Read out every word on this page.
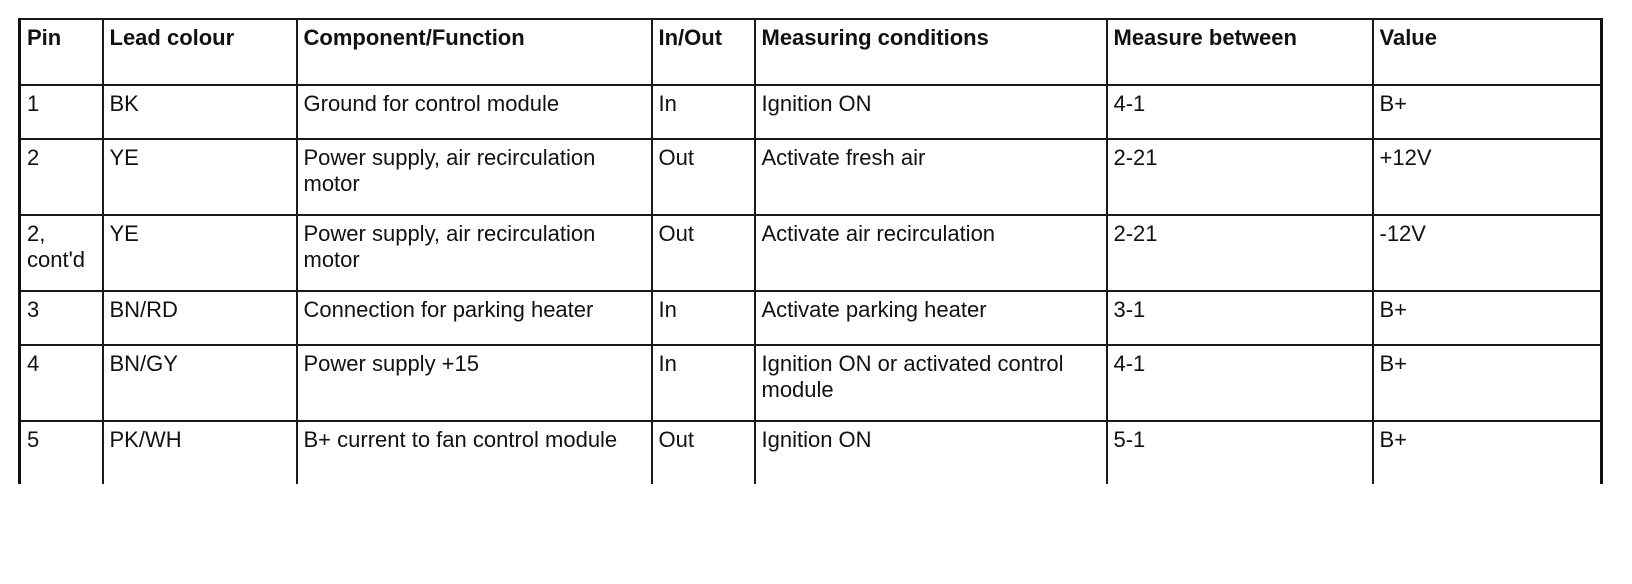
Pin	Lead colour	Component/Function	In/Out	Measuring conditions	Measure between	Value
1	BK	Ground for control module	In	Ignition ON	4-1	B+
2	YE	Power supply, air recirculation motor	Out	Activate fresh air	2-21	+12V
2, cont'd	YE	Power supply, air recirculation motor	Out	Activate air recirculation	2-21	-12V
3	BN/RD	Connection for parking heater	In	Activate parking heater	3-1	B+
4	BN/GY	Power supply +15	In	Ignition ON or activated control module	4-1	B+
5	PK/WH	B+ current to fan control module	Out	Ignition ON	5-1	B+
